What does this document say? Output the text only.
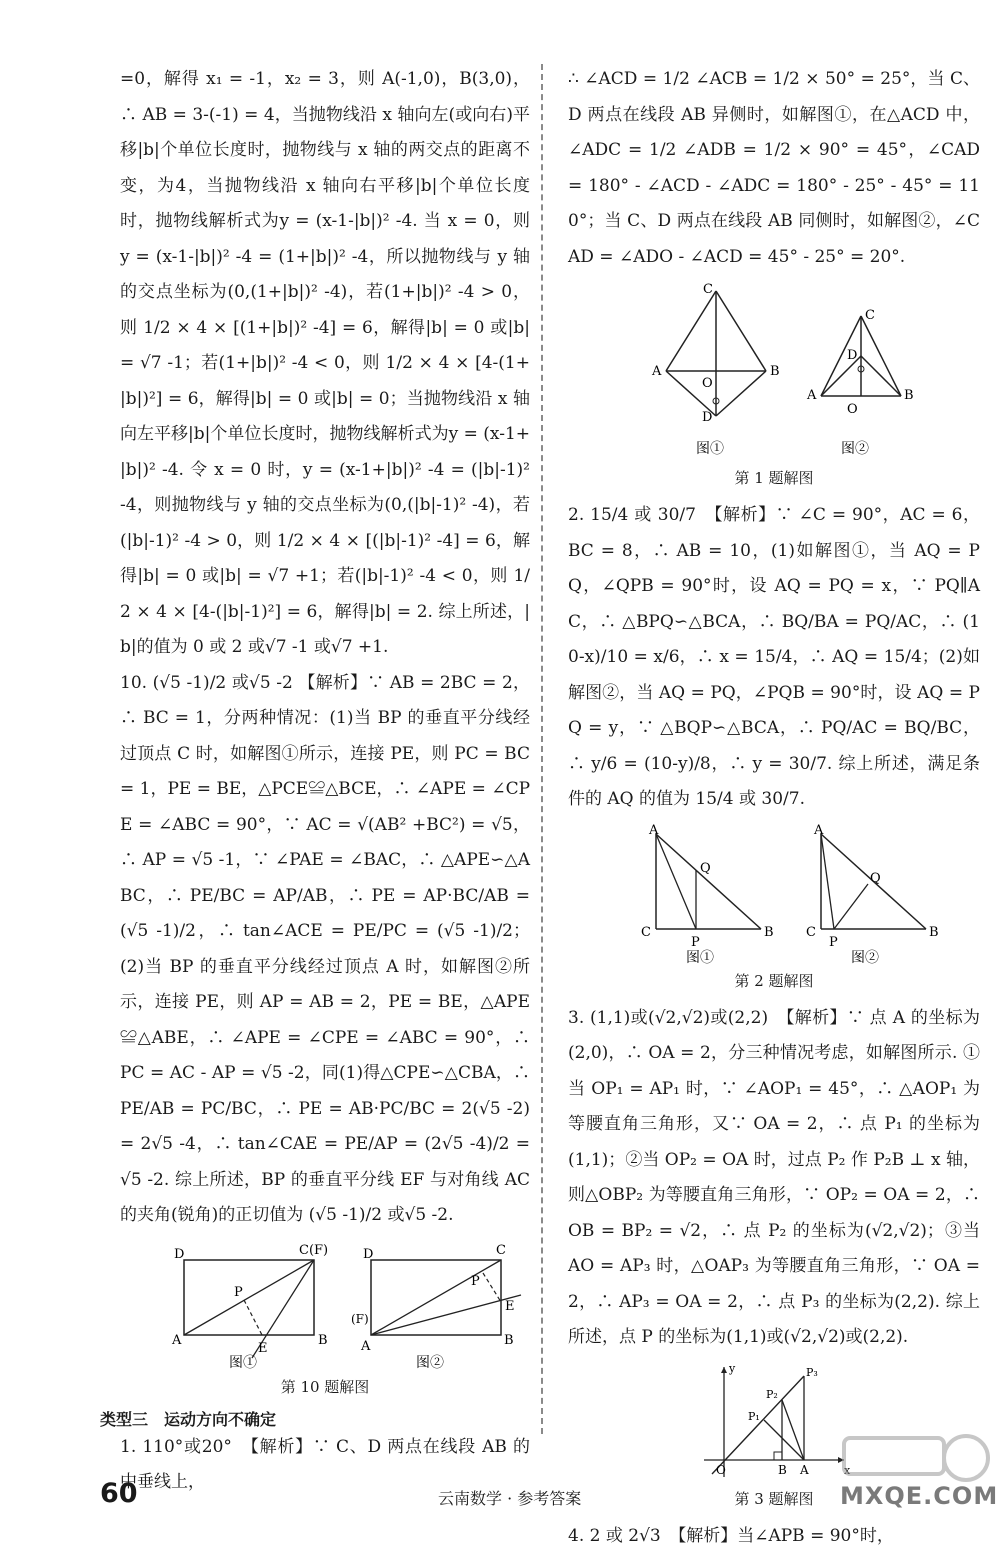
=0，解得 x₁ = -1，x₂ = 3，则 A(-1,0)，B(3,0)，∴ AB = 3-(-1) = 4，当抛物线沿 x 轴向左(或向右)平移|b|个单位长度时，抛物线与 x 轴的两交点的距离不变，为4，当抛物线沿 x 轴向右平移|b|个单位长度时，抛物线解析式为y = (x-1-|b|)² -4. 当 x = 0，则 y = (x-1-|b|)² -4 = (1+|b|)² -4，所以抛物线与 y 轴的交点坐标为(0,(1+|b|)² -4)，若(1+|b|)² -4 > 0，则 1/2 × 4 × [(1+|b|)² -4] = 6，解得|b| = 0 或|b| = √7 -1；若(1+|b|)² -4 < 0，则 1/2 × 4 × [4-(1+|b|)²] = 6，解得|b| = 0 或|b| = 0；当抛物线沿 x 轴向左平移|b|个单位长度时，抛物线解析式为y = (x-1+|b|)² -4. 令 x = 0 时，y = (x-1+|b|)² -4 = (|b|-1)² -4，则抛物线与 y 轴的交点坐标为(0,(|b|-1)² -4)，若(|b|-1)² -4 > 0，则 1/2 × 4 × [(|b|-1)² -4] = 6，解得|b| = 0 或|b| = √7 +1；若(|b|-1)² -4 < 0，则 1/2 × 4 × [4-(|b|-1)²] = 6，解得|b| = 2. 综上所述，|b|的值为 0 或 2 或√7 -1 或√7 +1.

10. (√5 -1)/2 或√5 -2 【解析】∵ AB = 2BC = 2，∴ BC = 1，分两种情况：(1)当 BP 的垂直平分线经过顶点 C 时，如解图①所示，连接 PE，则 PC = BC = 1，PE = BE，△PCE≌△BCE，∴ ∠APE = ∠CPE = ∠ABC = 90°，∵ AC = √(AB² +BC²) = √5，∴ AP = √5 -1，∵ ∠PAE = ∠BAC，∴ △APE∽△ABC，∴ PE/BC = AP/AB，∴ PE = AP·BC/AB = (√5 -1)/2，∴ tan∠ACE = PE/PC = (√5 -1)/2；(2)当 BP 的垂直平分线经过顶点 A 时，如解图②所示，连接 PE，则 AP = AB = 2，PE = BE，△APE≌△ABE，∴ ∠APE = ∠CPE = ∠ABC = 90°，∴ PC = AC - AP = √5 -2，同(1)得△CPE∽△CBA，∴ PE/AB = PC/BC，∴ PE = AB·PC/BC = 2(√5 -2) = 2√5 -4，∴ tan∠CAE = PE/AP = (2√5 -4)/2 = √5 -2. 综上所述，BP 的垂直平分线 EF 与对角线 AC 的夹角(锐角)的正切值为 (√5 -1)/2 或√5 -2.

D	C(F)
P
A	B
E
图①
D	C
P
(F)
A	B
E
图②
第 10 题解图
类型三　运动方向不确定

1. 110°或20°　【解析】∵ C、D 两点在线段 AB 的中垂线上，

∴ ∠ACD = 1/2 ∠ACB = 1/2 × 50° = 25°，当 C、D 两点在线段 AB 异侧时，如解图①，在△ACD 中，∠ADC = 1/2 ∠ADB = 1/2 × 90° = 45°，∠CAD = 180° - ∠ACD - ∠ADC = 180° - 25° - 45° = 110°；当 C、D 两点在线段 AB 同侧时，如解图②，∠CAD = ∠ADO - ∠ACD = 45° - 25° = 20°.

C
A	B
O
D
图①
C
D
A	B
O
图②
第 1 题解图

2. 15/4 或 30/7　【解析】∵ ∠C = 90°，AC = 6，BC = 8，∴ AB = 10，(1)如解图①，当 AQ = PQ，∠QPB = 90°时，设 AQ = PQ = x，∵ PQ∥AC，∴ △BPQ∽△BCA，∴ BQ/BA = PQ/AC，∴ (10-x)/10 = x/6，∴ x = 15/4，∴ AQ = 15/4；(2)如解图②，当 AQ = PQ，∠PQB = 90°时，设 AQ = PQ = y，∵ △BQP∽△BCA，∴ PQ/AC = BQ/BC，∴ y/6 = (10-y)/8，∴ y = 30/7. 综上所述，满足条件的 AQ 的值为 15/4 或 30/7.

A
C	B
Q
P
图①
A
C	B
Q
P
图②
第 2 题解图

3. (1,1)或(√2,√2)或(2,2)　【解析】∵ 点 A 的坐标为(2,0)，∴ OA = 2，分三种情况考虑，如解图所示. ①当 OP₁ = AP₁ 时，∵ ∠AOP₁ = 45°，∴ △AOP₁ 为等腰直角三角形，又∵ OA = 2，∴ 点 P₁ 的坐标为(1,1)；②当 OP₂ = OA 时，过点 P₂ 作 P₂B ⊥ x 轴，则△OBP₂ 为等腰直角三角形，∵ OP₂ = OA = 2，∴ OB = BP₂ = √2，∴ 点 P₂ 的坐标为(√2,√2)；③当 AO = AP₃ 时，△OAP₃ 为等腰直角三角形，∵ OA = 2，∴ AP₃ = OA = 2，∴ 点 P₃ 的坐标为(2,2). 综上所述，点 P 的坐标为(1,1)或(√2,√2)或(2,2).

y
x
O	B A
P₁
P₂
P₃
第 3 题解图

4. 2 或 2√3　【解析】当∠APB = 90°时，

60	云南数学 · 参考答案	MXQE.COM
